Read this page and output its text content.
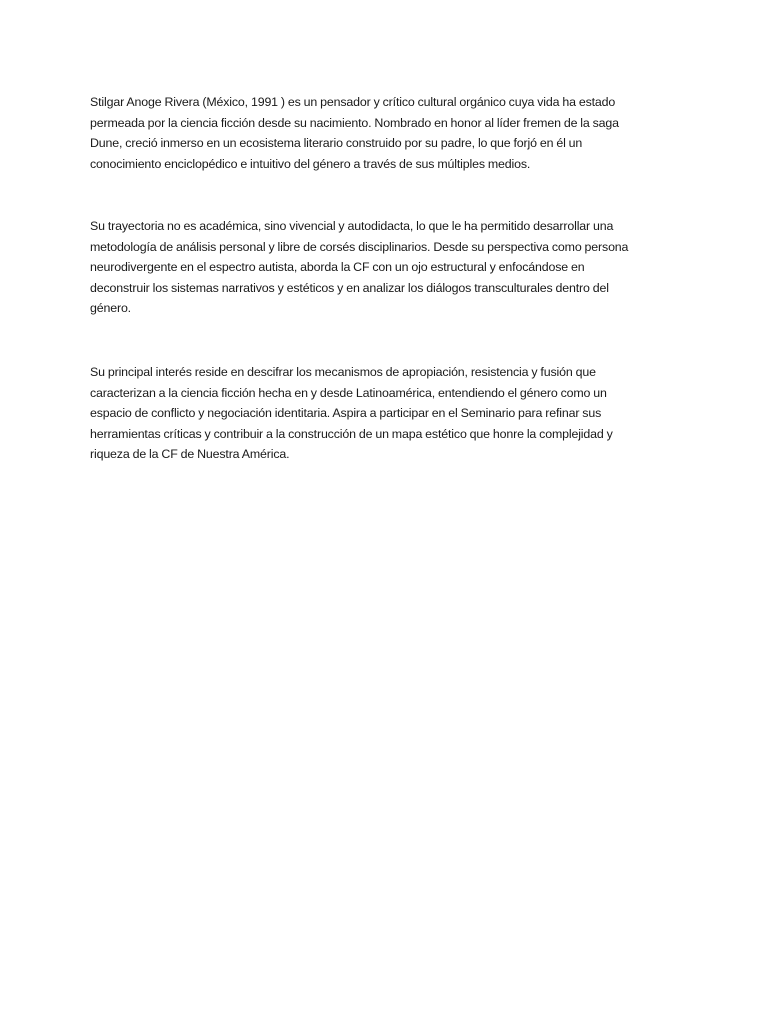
Stilgar Anoge Rivera (México, 1991 ) es un pensador y crítico cultural orgánico cuya vida ha estado
permeada por la ciencia ficción desde su nacimiento. Nombrado en honor al líder fremen de la saga
Dune, creció inmerso en un ecosistema literario construido por su padre, lo que forjó en él un
conocimiento enciclopédico e intuitivo del género a través de sus múltiples medios.

Su trayectoria no es académica, sino vivencial y autodidacta, lo que le ha permitido desarrollar una
metodología de análisis personal y libre de corsés disciplinarios. Desde su perspectiva como persona
neurodivergente en el espectro autista, aborda la CF con un ojo estructural y enfocándose en
deconstruir los sistemas narrativos y estéticos y en analizar los diálogos transculturales dentro del
género.

Su principal interés reside en descifrar los mecanismos de apropiación, resistencia y fusión que
caracterizan a la ciencia ficción hecha en y desde Latinoamérica, entendiendo el género como un
espacio de conflicto y negociación identitaria. Aspira a participar en el Seminario para refinar sus
herramientas críticas y contribuir a la construcción de un mapa estético que honre la complejidad y
riqueza de la CF de Nuestra América.
